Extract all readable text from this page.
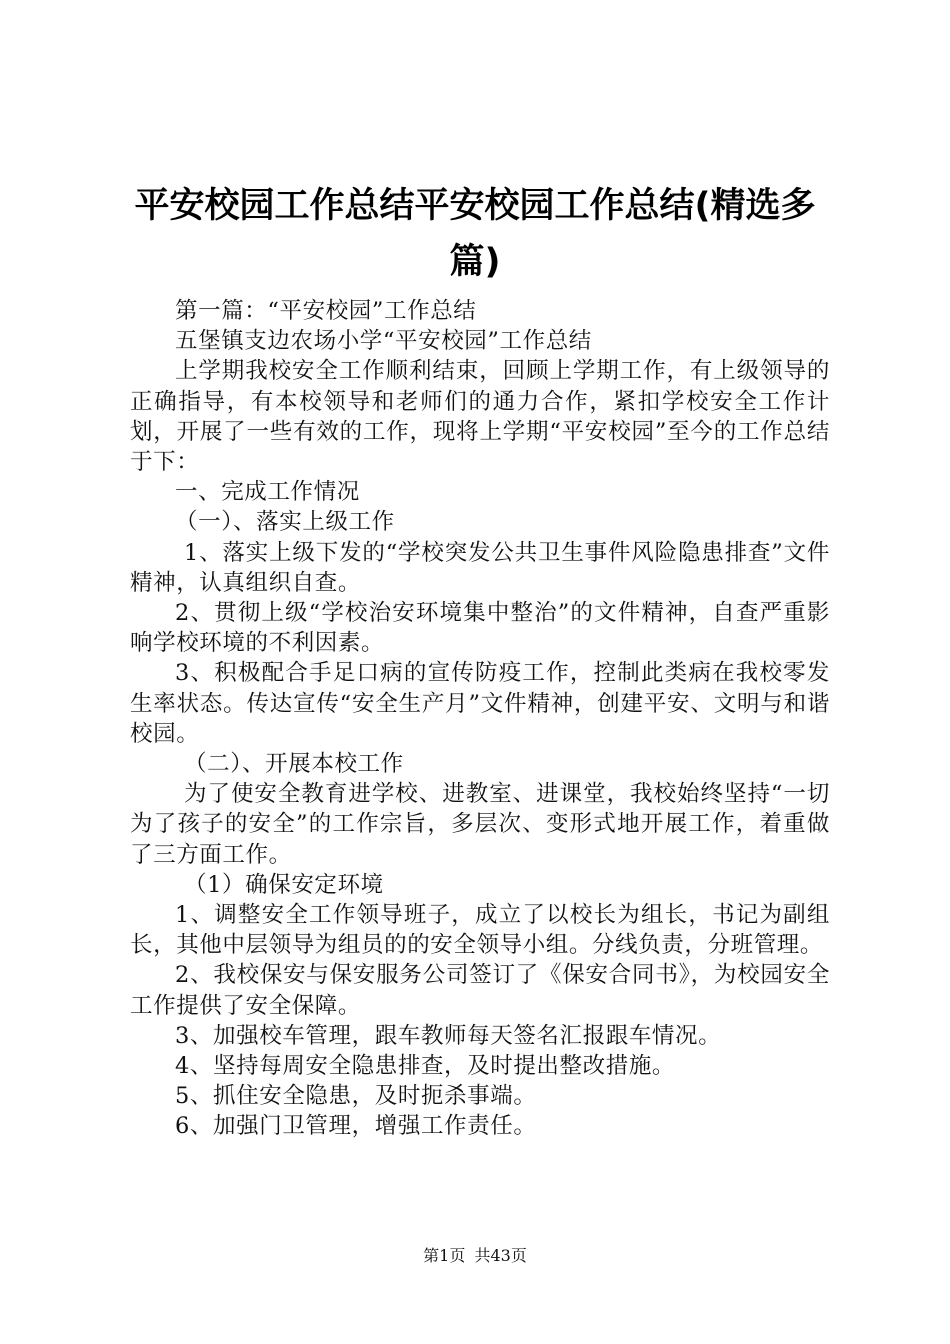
平安校园工作总结平安校园工作总结(精选多篇)

第一篇：“平安校园”工作总结

五堡镇支边农场小学“平安校园”工作总结

上学期我校安全工作顺利结束，回顾上学期工作，有上级领导的正确指导，有本校领导和老师们的通力合作，紧扣学校安全工作计划，开展了一些有效的工作，现将上学期“平安校园”至今的工作总结于下：

一、完成工作情况

（一）、落实上级工作

1、落实上级下发的“学校突发公共卫生事件风险隐患排查”文件精神，认真组织自查。

2、贯彻上级“学校治安环境集中整治”的文件精神，自查严重影响学校环境的不利因素。

3、积极配合手足口病的宣传防疫工作，控制此类病在我校零发生率状态。传达宣传“安全生产月”文件精神，创建平安、文明与和谐校园。

（二）、开展本校工作

为了使安全教育进学校、进教室、进课堂，我校始终坚持“一切为了孩子的安全”的工作宗旨，多层次、变形式地开展工作，着重做了三方面工作。

（1）确保安定环境

1、调整安全工作领导班子，成立了以校长为组长，书记为副组长，其他中层领导为组员的的安全领导小组。分线负责，分班管理。

2、我校保安与保安服务公司签订了《保安合同书》，为校园安全工作提供了安全保障。

3、加强校车管理，跟车教师每天签名汇报跟车情况。

4、坚持每周安全隐患排查，及时提出整改措施。

5、抓住安全隐患，及时扼杀事端。

6、加强门卫管理，增强工作责任。

第1页 共43页
